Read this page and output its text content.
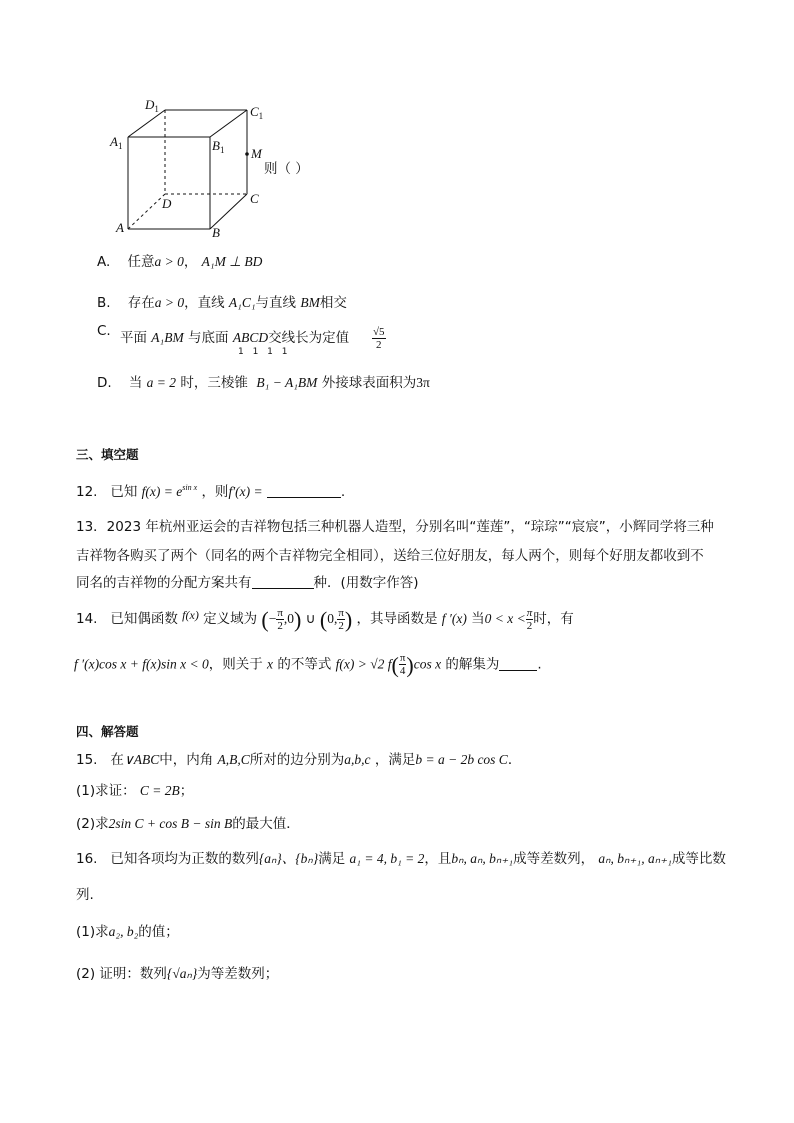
$D_1$	$C_1$
$A_1$	$B_1$ M
D	C
A	B
则（ ）
A. 任意a > 0， A₁M ⊥ BD
B. 存在a > 0，直线 A₁C₁与直线 BM相交
C. 平面 A₁BM 与底面 ABCD交线长为定值
1 1 1 1
$\frac{√5}{2}$
D. 当 a = 2 时，三棱锥 B₁ − A₁BM 外接球表面积为3π
三、填空题
12. 已知 $f(x) = e^{sin x}$ ，则f′(x) =	.
13．2023 年杭州亚运会的吉祥物包括三种机器人造型，分别名叫“莲莲”，“琮琮”“宸宸”，小辉同学将三种
吉祥物各购买了两个（同名的两个吉祥物完全相同），送给三位好朋友，每人两个，则每个好朋友都收到不
同名的吉祥物的分配方案共有	种．(用数字作答)
14. 已知偶函数 f(x) 定义域为 (− $\frac{\pi}{2} ,0$) ∪ (0, $\frac{\pi}{2}$ ) ，其导函数是 f ′(x) 当$0 < x < \frac{\pi}{2}$ 时，有
f ′(x)cos x + f(x)sin x < 0，则关于 x 的不等式 f(x) > √2 $f( \frac{\pi}{4} )\cos$ x 的解集为	.
四、解答题
15. 在∨ABC中，内角 A,B,C所对的边分别为a,b,c ，满足b = a − 2b cos C．
(1)求证： C = 2B；
(2)求2sin C + cos B − sin B的最大值．
16. 已知各项均为正数的数列{aₙ}、{bₙ}满足 a₁ = 4, b₁ = 2，且bₙ, aₙ, bₙ₊₁成等差数列， aₙ, bₙ₊₁, aₙ₊₁成等比数
列.
(1)求a₂, b₂的值；
(2) 证明：数列{√aₙ}为等差数列；
